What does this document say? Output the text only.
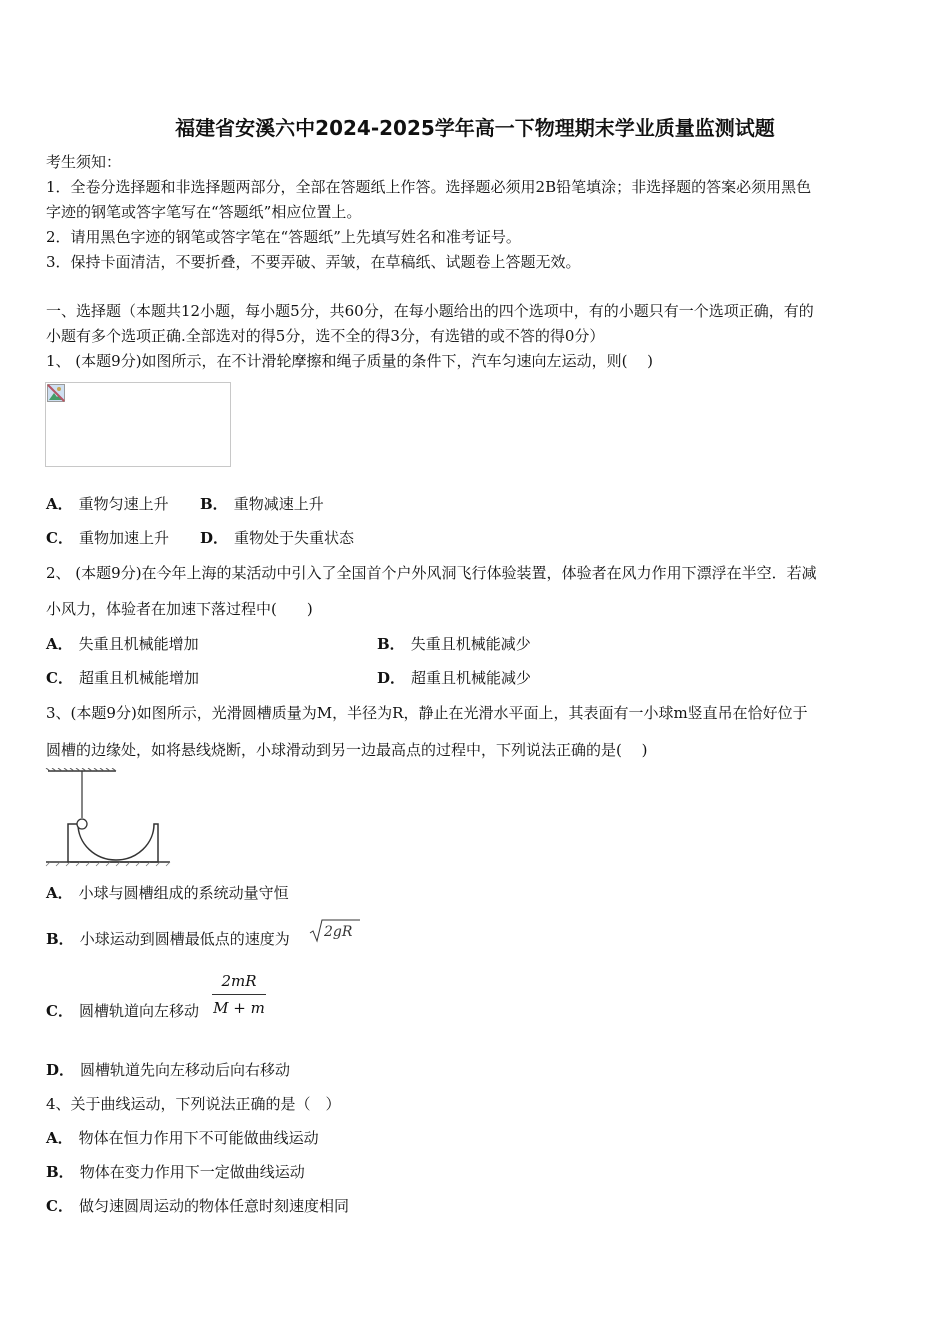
福建省安溪六中2024-2025学年高一下物理期末学业质量监测试题
考生须知：
1．全卷分选择题和非选择题两部分，全部在答题纸上作答。选择题必须用2B铅笔填涂；非选择题的答案必须用黑色
字迹的钢笔或答字笔写在“答题纸”相应位置上。
2．请用黑色字迹的钢笔或答字笔在“答题纸”上先填写姓名和准考证号。
3．保持卡面清洁，不要折叠，不要弄破、弄皱，在草稿纸、试题卷上答题无效。
一、选择题（本题共12小题，每小题5分，共60分，在每小题给出的四个选项中，有的小题只有一个选项正确，有的
小题有多个选项正确.全部选对的得5分，选不全的得3分，有选错的或不答的得0分）
1、 (本题9分)如图所示，在不计滑轮摩擦和绳子质量的条件下，汽车匀速向左运动，则(　 )
A． 重物匀速上升 B． 重物减速上升
C． 重物加速上升 D． 重物处于失重状态
2、 (本题9分)在今年上海的某活动中引入了全国首个户外风洞飞行体验装置，体验者在风力作用下漂浮在半空．若减
小风力，体验者在加速下落过程中(　　)
A． 失重且机械能增加	B． 失重且机械能减少
C． 超重且机械能增加	D． 超重且机械能减少
3、(本题9分)如图所示，光滑圆槽质量为M，半径为R，静止在光滑水平面上，其表面有一小球m竖直吊在恰好位于
圆槽的边缘处，如将悬线烧断，小球滑动到另一边最高点的过程中，下列说法正确的是(　 )
A． 小球与圆槽组成的系统动量守恒
B． 小球运动到圆槽最低点的速度为 2gR
C． 圆槽轨道向左移动 $\frac{2mR}{M + m}$
D． 圆槽轨道先向左移动后向右移动
4、关于曲线运动，下列说法正确的是（　）
A． 物体在恒力作用下不可能做曲线运动
B． 物体在变力作用下一定做曲线运动
C． 做匀速圆周运动的物体任意时刻速度相同
